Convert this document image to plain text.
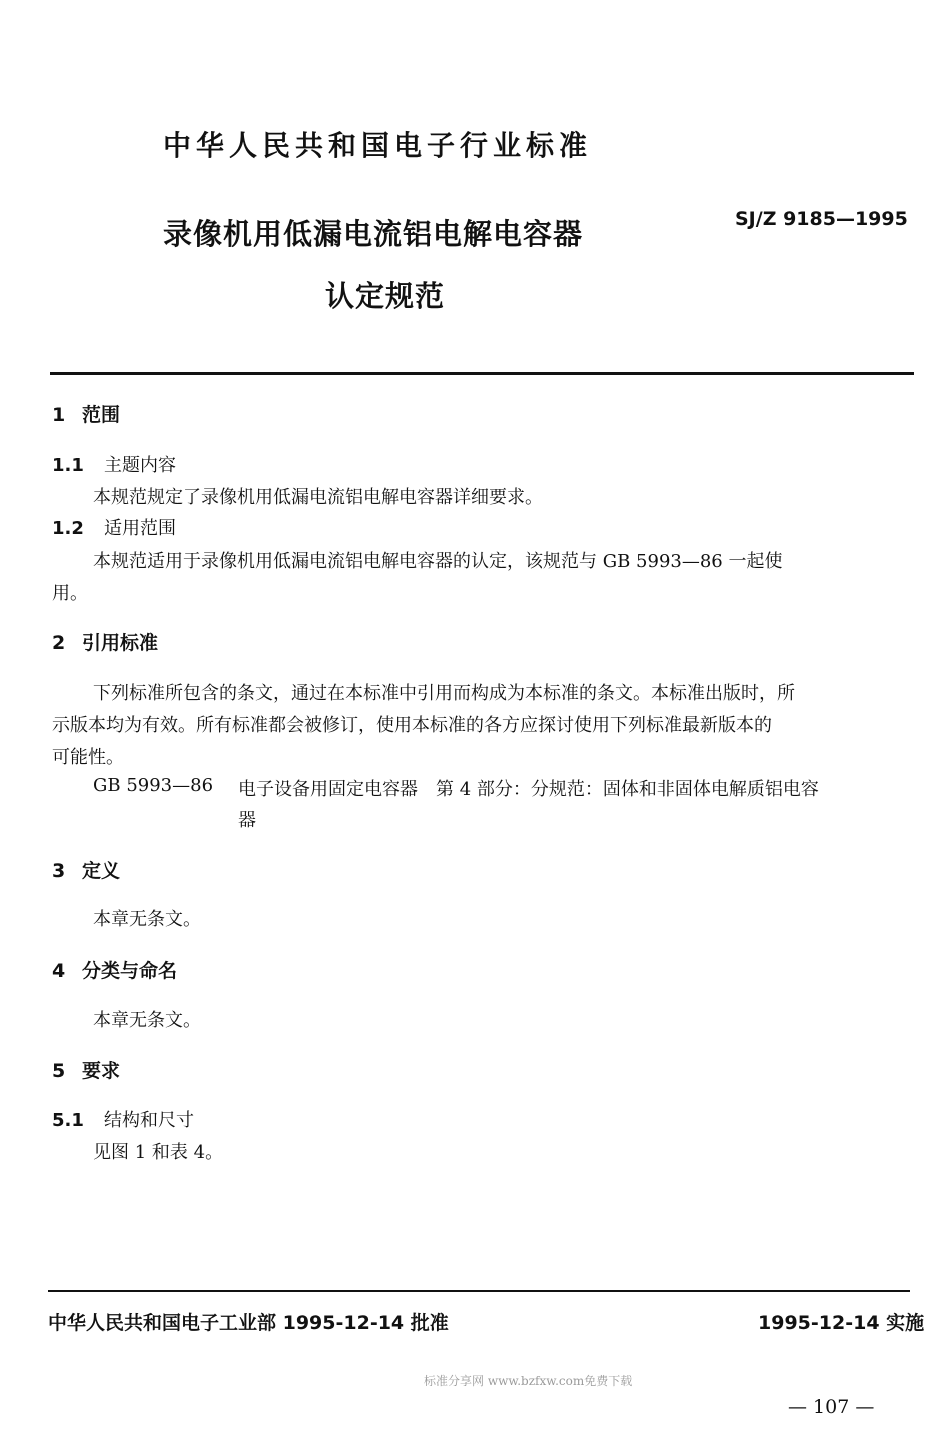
中华人民共和国电子行业标准
录像机用低漏电流铝电解电容器
认定规范
SJ/Z 9185—1995
1 范围
1.1 主题内容
本规范规定了录像机用低漏电流铝电解电容器详细要求。
1.2 适用范围
本规范适用于录像机用低漏电流铝电解电容器的认定，该规范与 GB 5993—86 一起使
用。
2 引用标准
下列标准所包含的条文，通过在本标准中引用而构成为本标准的条文。本标准出版时，所
示版本均为有效。所有标准都会被修订，使用本标准的各方应探讨使用下列标准最新版本的
可能性。
GB 5993—86 电子设备用固定电容器　第 4 部分：分规范：固体和非固体电解质铝电容
器
3 定义
本章无条文。
4 分类与命名
本章无条文。
5 要求
5.1 结构和尺寸
见图 1 和表 4。
中华人民共和国电子工业部 1995-12-14 批准	1995-12-14 实施
标准分享网 www.bzfxw.com免费下载
— 107 —
